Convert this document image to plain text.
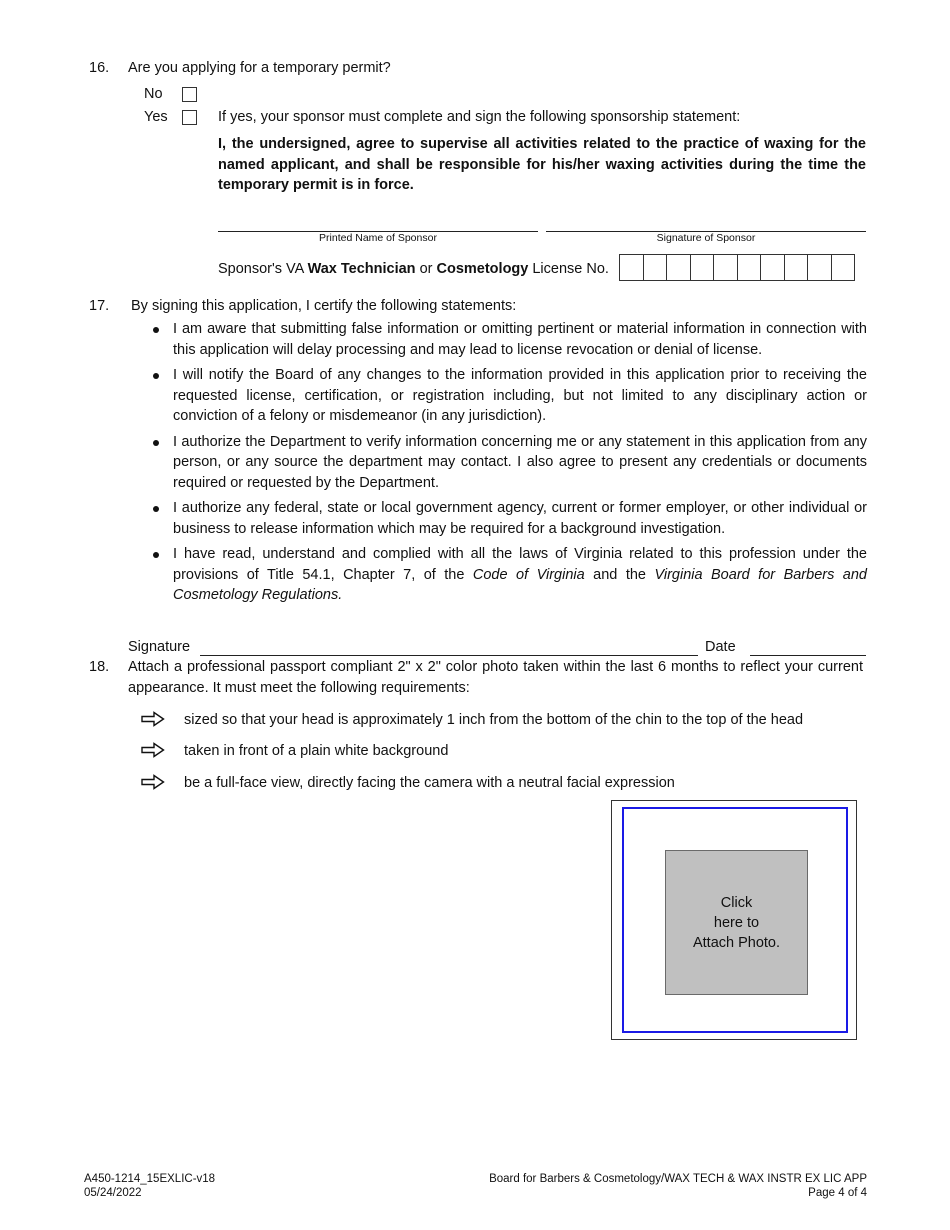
16. Are you applying for a temporary permit?
No
Yes	If yes, your sponsor must complete and sign the following sponsorship statement:
I, the undersigned, agree to supervise all activities related to the practice of waxing for the named applicant, and shall be responsible for his/her waxing activities during the time the temporary permit is in force.
Printed Name of Sponsor	Signature of Sponsor
Sponsor's VA Wax Technician or Cosmetology License No.
17. By signing this application, I certify the following statements:
I am aware that submitting false information or omitting pertinent or material information in connection with this application will delay processing and may lead to license revocation or denial of license.
I will notify the Board of any changes to the information provided in this application prior to receiving the requested license, certification, or registration including, but not limited to any disciplinary action or conviction of a felony or misdemeanor (in any jurisdiction).
I authorize the Department to verify information concerning me or any statement in this application from any person, or any source the department may contact. I also agree to present any credentials or documents required or requested by the Department.
I authorize any federal, state or local government agency, current or former employer, or other individual or business to release information which may be required for a background investigation.
I have read, understand and complied with all the laws of Virginia related to this profession under the provisions of Title 54.1, Chapter 7, of the Code of Virginia and the Virginia Board for Barbers and Cosmetology Regulations.
Signature	Date
18. Attach a professional passport compliant 2" x 2" color photo taken within the last 6 months to reflect your current appearance. It must meet the following requirements:
sized so that your head is approximately 1 inch from the bottom of the chin to the top of the head
taken in front of a plain white background
be a full-face view, directly facing the camera with a neutral facial expression
Click
here to
Attach Photo.
A450-1214_15EXLIC-v18
05/24/2022
Board for Barbers & Cosmetology/WAX TECH & WAX INSTR EX LIC APP
Page 4 of 4
